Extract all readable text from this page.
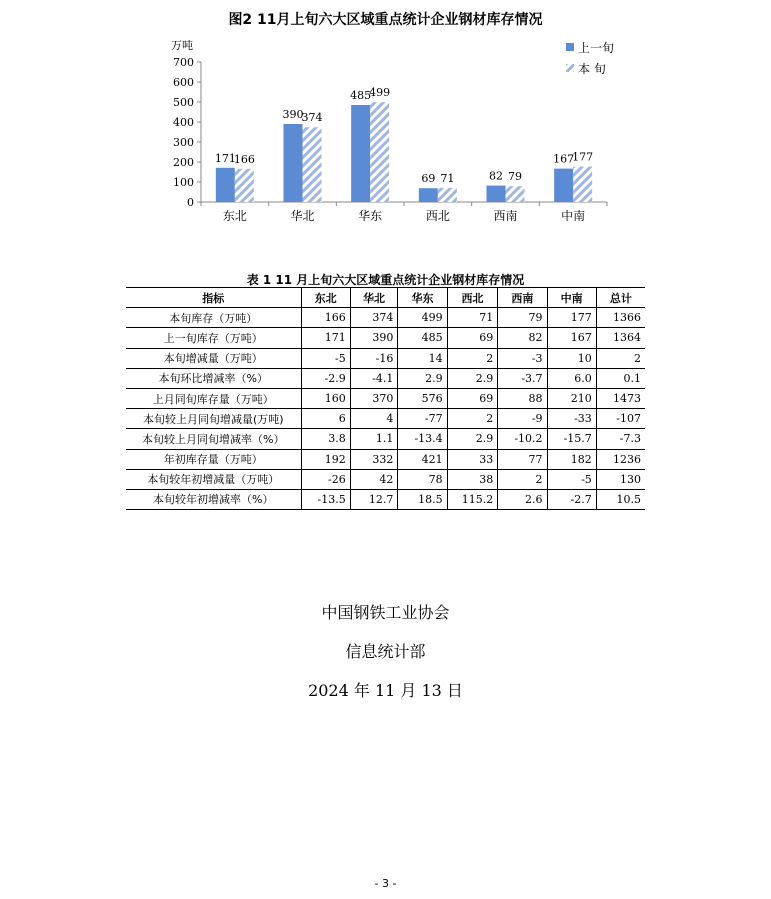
图2 11月上旬六大区域重点统计企业钢材库存情况
0
100
200
300
400
500
600
700
万吨
171
166
东北
390
374
华北
485
499
华东
69 71
西北
82 79
西南
167
177
中南
上一旬
本 旬
表 1 11 月上旬六大区域重点统计企业钢材库存情况
指标	东北	华北	华东	西北	西南	中南	总计
本旬库存（万吨）	166	374	499	71	79	177	1366
上一旬库存（万吨）	171	390	485	69	82	167	1364
本旬增减量（万吨）	-5	-16	14	2	-3	10	2
本旬环比增减率（%）	-2.9	-4.1	2.9	2.9	-3.7	6.0	0.1
上月同旬库存量（万吨）	160	370	576	69	88	210	1473
本旬较上月同旬增减量(万吨)	6	4	-77	2	-9	-33	-107
本旬较上月同旬增减率（%）	3.8	1.1	-13.4	2.9	-10.2	-15.7	-7.3
年初库存量（万吨）	192	332	421	33	77	182	1236
本旬较年初增减量（万吨）	-26	42	78	38	2	-5	130
本旬较年初增减率（%）	-13.5	12.7	18.5	115.2	2.6	-2.7	10.5
中国钢铁工业协会
信息统计部
2024 年 11 月 13 日
- 3 -
